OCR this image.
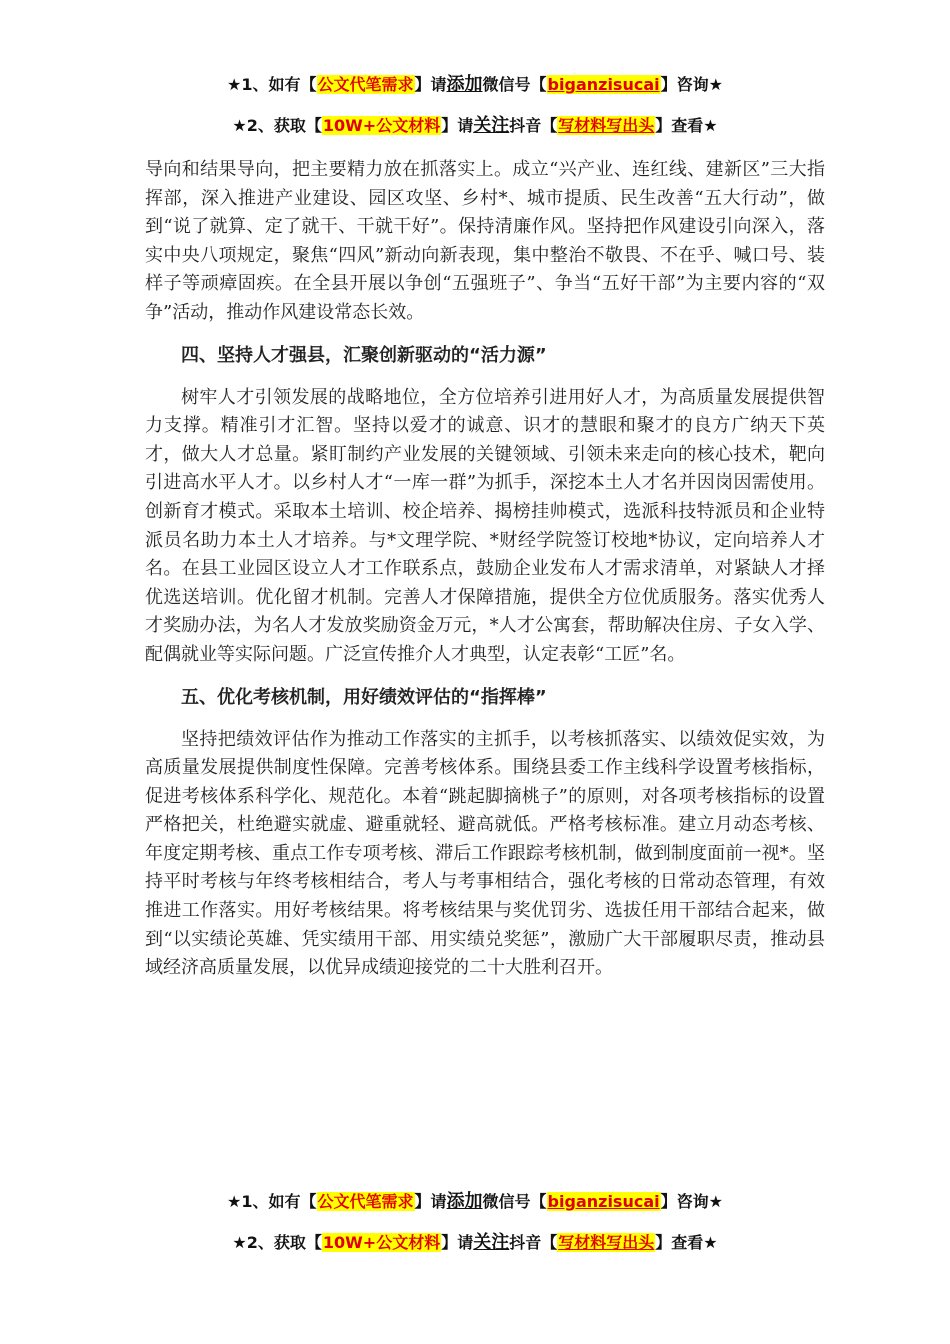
★1、如有【公文代笔需求】请添加微信号【biganzisucai】咨询★
★2、获取【10W+公文材料】请关注抖音【写材料写出头】查看★

导向和结果导向，把主要精力放在抓落实上。成立“兴产业、连红线、建新区”三大指挥部，深入推进产业建设、园区攻坚、乡村*、城市提质、民生改善“五大行动”，做到“说了就算、定了就干、干就干好”。保持清廉作风。坚持把作风建设引向深入，落实中央八项规定，聚焦“四风”新动向新表现，集中整治不敬畏、不在乎、喊口号、装样子等顽瘴固疾。在全县开展以争创“五强班子”、争当“五好干部”为主要内容的“双争”活动，推动作风建设常态长效。

四、坚持人才强县，汇聚创新驱动的“活力源”

树牢人才引领发展的战略地位，全方位培养引进用好人才，为高质量发展提供智力支撑。精准引才汇智。坚持以爱才的诚意、识才的慧眼和聚才的良方广纳天下英才，做大人才总量。紧盯制约产业发展的关键领域、引领未来走向的核心技术，靶向引进高水平人才。以乡村人才“一库一群”为抓手，深挖本土人才名并因岗因需使用。创新育才模式。采取本土培训、校企培养、揭榜挂帅模式，选派科技特派员和企业特派员名助力本土人才培养。与*文理学院、*财经学院签订校地*协议，定向培养人才名。在县工业园区设立人才工作联系点，鼓励企业发布人才需求清单，对紧缺人才择优选送培训。优化留才机制。完善人才保障措施，提供全方位优质服务。落实优秀人才奖励办法，为名人才发放奖励资金万元，*人才公寓套，帮助解决住房、子女入学、配偶就业等实际问题。广泛宣传推介人才典型，认定表彰“工匠”名。

五、优化考核机制，用好绩效评估的“指挥棒”

坚持把绩效评估作为推动工作落实的主抓手，以考核抓落实、以绩效促实效，为高质量发展提供制度性保障。完善考核体系。围绕县委工作主线科学设置考核指标，促进考核体系科学化、规范化。本着“跳起脚摘桃子”的原则，对各项考核指标的设置严格把关，杜绝避实就虚、避重就轻、避高就低。严格考核标准。建立月动态考核、年度定期考核、重点工作专项考核、滞后工作跟踪考核机制，做到制度面前一视*。坚持平时考核与年终考核相结合，考人与考事相结合，强化考核的日常动态管理，有效推进工作落实。用好考核结果。将考核结果与奖优罚劣、选拔任用干部结合起来，做到“以实绩论英雄、凭实绩用干部、用实绩兑奖惩”，激励广大干部履职尽责，推动县域经济高质量发展，以优异成绩迎接党的二十大胜利召开。

★1、如有【公文代笔需求】请添加微信号【biganzisucai】咨询★
★2、获取【10W+公文材料】请关注抖音【写材料写出头】查看★
